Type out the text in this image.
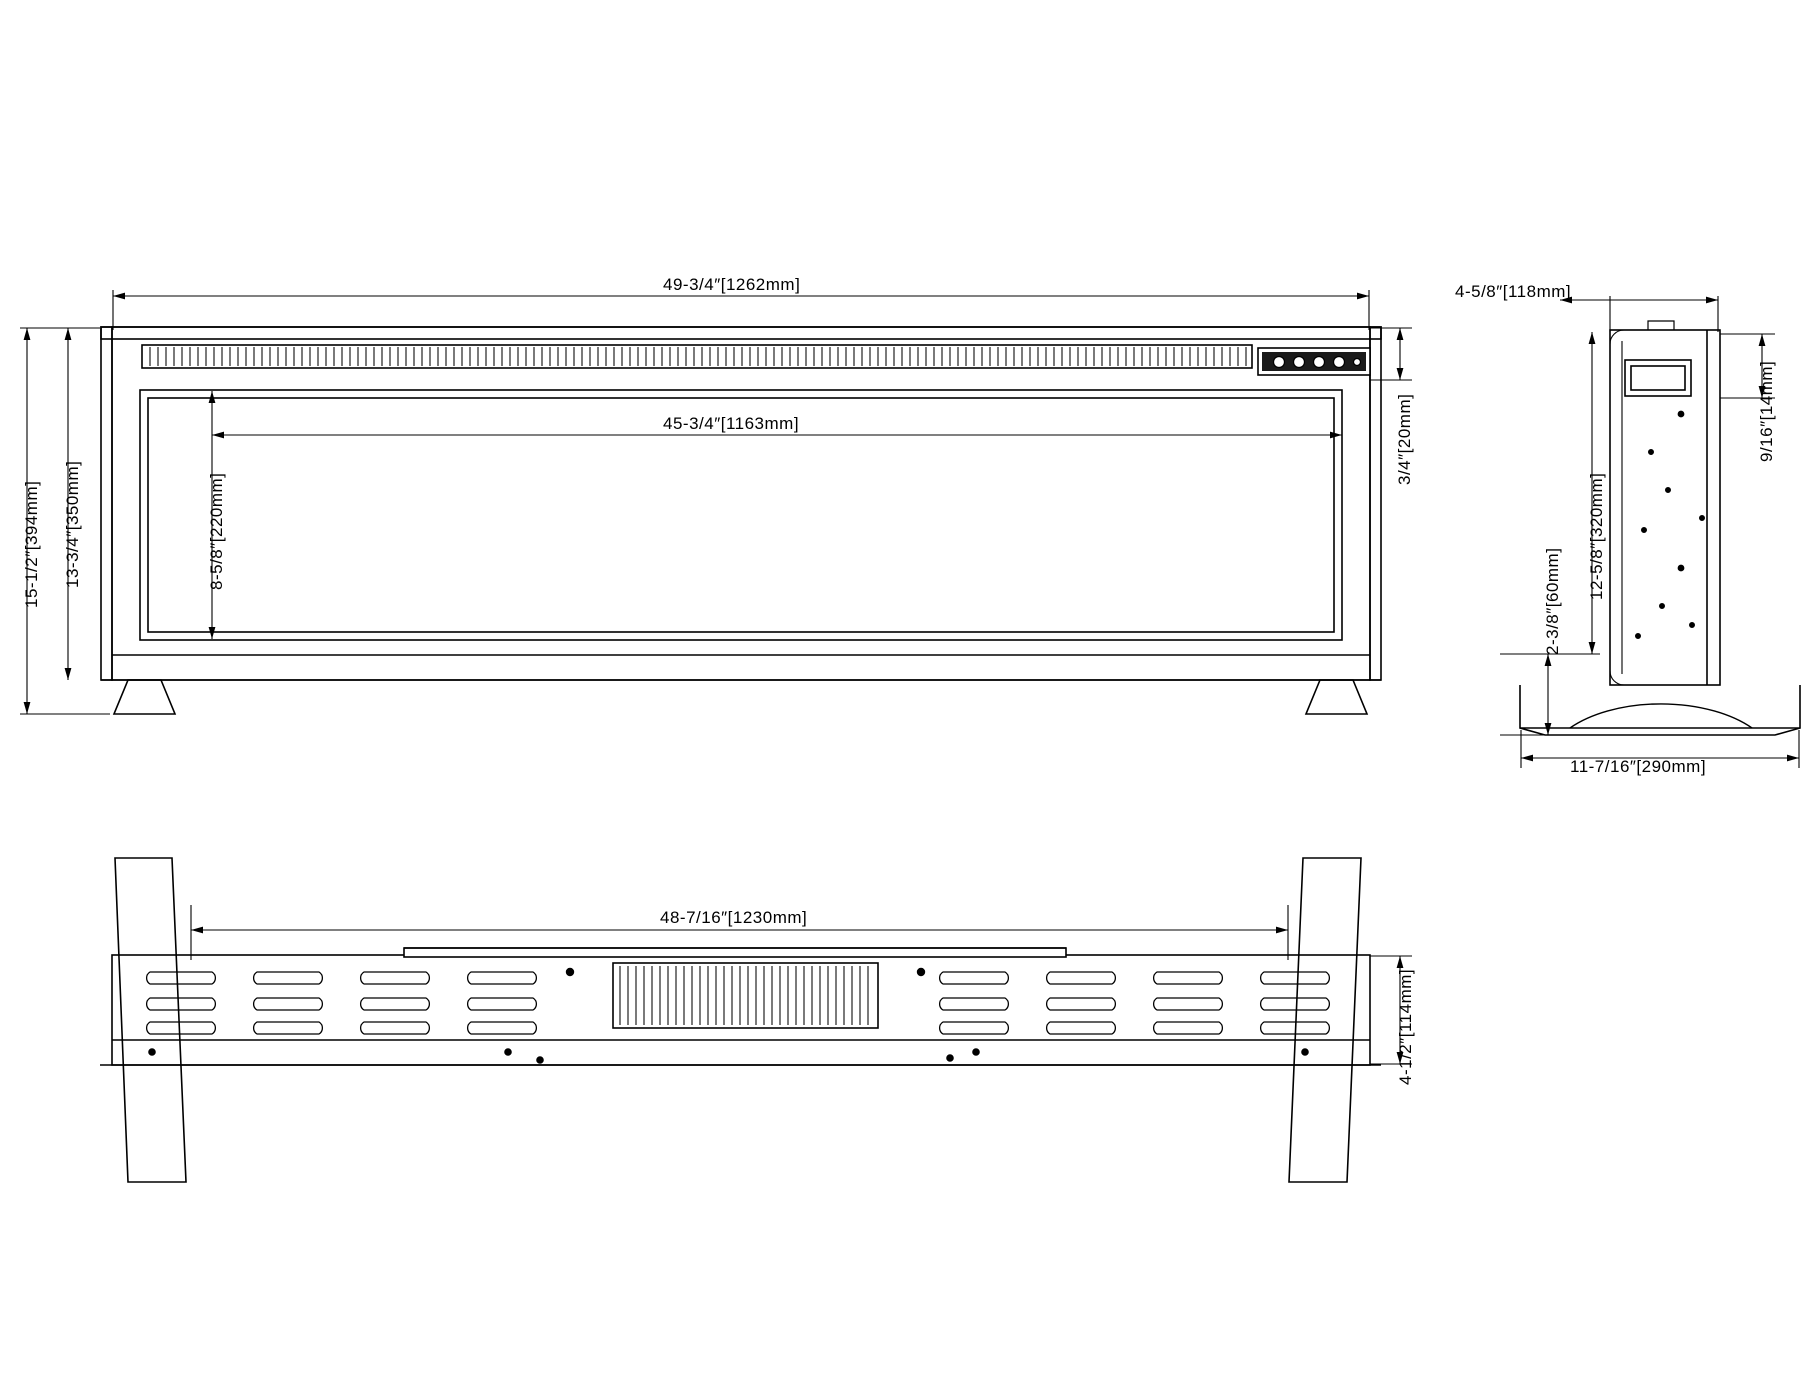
49-3/4″[1262mm]
45-3/4″[1163mm]
15-1/2″[394mm] 13-3/4″[350mm]	8-5/8″[220mm]
3/4″[20mm]
4-5/8″[118mm]
12-5/8″[320mm]
2-3/8″[60mm]
9/16″[14mm]
11-7/16″[290mm]
48-7/16″[1230mm]
4-1/2″[114mm]
